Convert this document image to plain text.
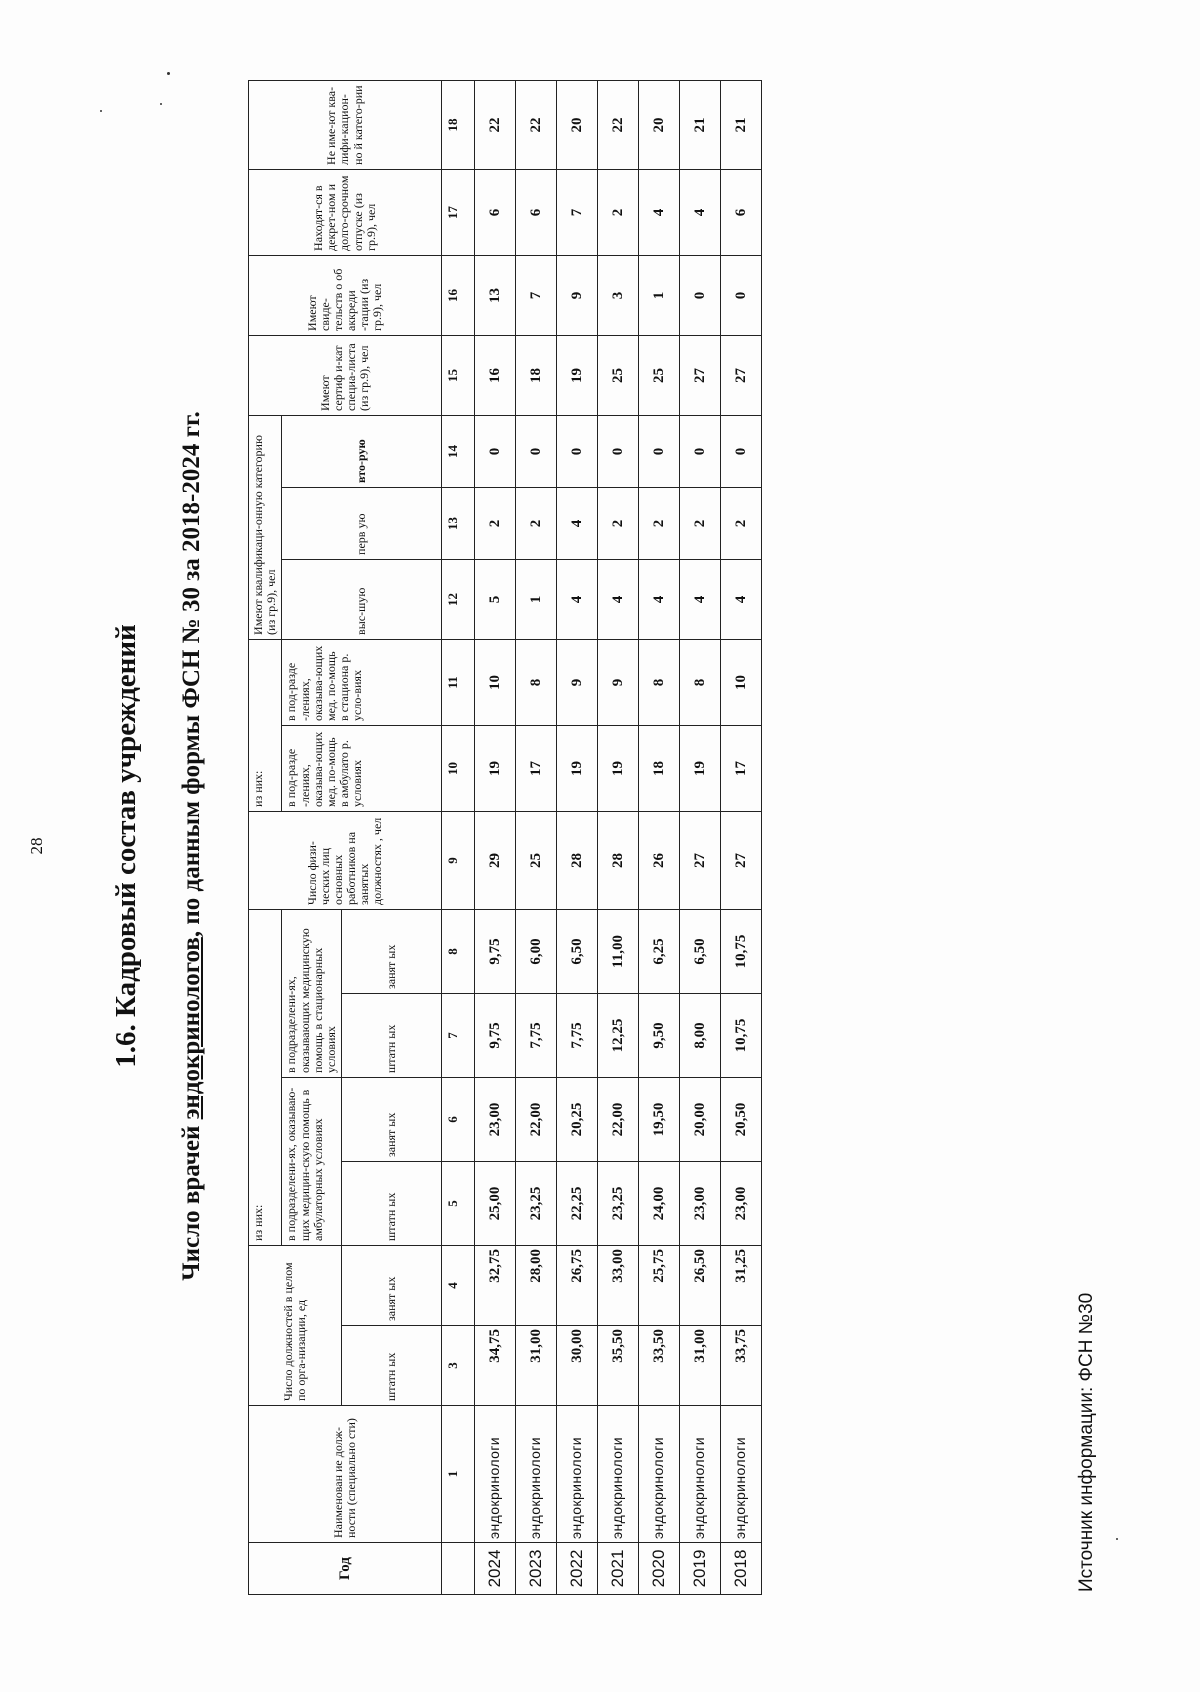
28 1.6. Кадровый состав учреждений
Число врачей эндокринологов, по данным формы ФСН № 30 за 2018-2024 гг.
Год	Наименован ие долж-ности (специально сти)	Число должностей в целом по орга-низации, ед		из них:				Число физи-ческих лиц основных работников на занятых должностях , чел	из них:		Имеют квалификаци-онную категорию (из гр.9), чел			Имеют сертиф и-кат специа-листа (из гр.9), чел	Имеют свиде-тельств о об аккреди -тации (из гр.9), чел	Находят-ся в декрет-ном и долго-срочном отпуске (из гр.9), чел	Не име-ют ква-лифи-кацион-но й катего-рии
				в подразделени-ях, оказываю-щих медицин-скую помощь в амбулаторных условиях		в подразделени-ях, оказывающих медицинскую помощь в стационарных условиях			в под-разде -лениях, оказыва-ющих мед. по-мощь в амбулато р. условиях	в под-разде -лениях, оказыва-ющих мед. по-мощь в стациона р. усло-виях	выс-шую	перв ую	вто-рую				
		штатн ых	занят ых	штатн ых	занят ых	штатн ых	занят ых										

	1	3	4	5	6	7	8	9	10	11	12	13	14	15	16	17	18
2024	эндокринологи	34,75	32,75	25,00	23,00	9,75	9,75	29	19	10	5	2	0	16	13	6	22
2023	эндокринологи	31,00	28,00	23,25	22,00	7,75	6,00	25	17	8	1	2	0	18	7	6	22
2022	эндокринологи	30,00	26,75	22,25	20,25	7,75	6,50	28	19	9	4	4	0	19	9	7	20
2021	эндокринологи	35,50	33,00	23,25	22,00	12,25	11,00	28	19	9	4	2	0	25	3	2	22
2020	эндокринологи	33,50	25,75	24,00	19,50	9,50	6,25	26	18	8	4	2	0	25	1	4	20
2019	эндокринологи	31,00	26,50	23,00	20,00	8,00	6,50	27	19	8	4	2	0	27	0	4	21
2018	эндокринологи	33,75	31,25	23,00	20,50	10,75	10,75	27	17	10	4	2	0	27	0	6	21
Источник информации: ФСН №30
